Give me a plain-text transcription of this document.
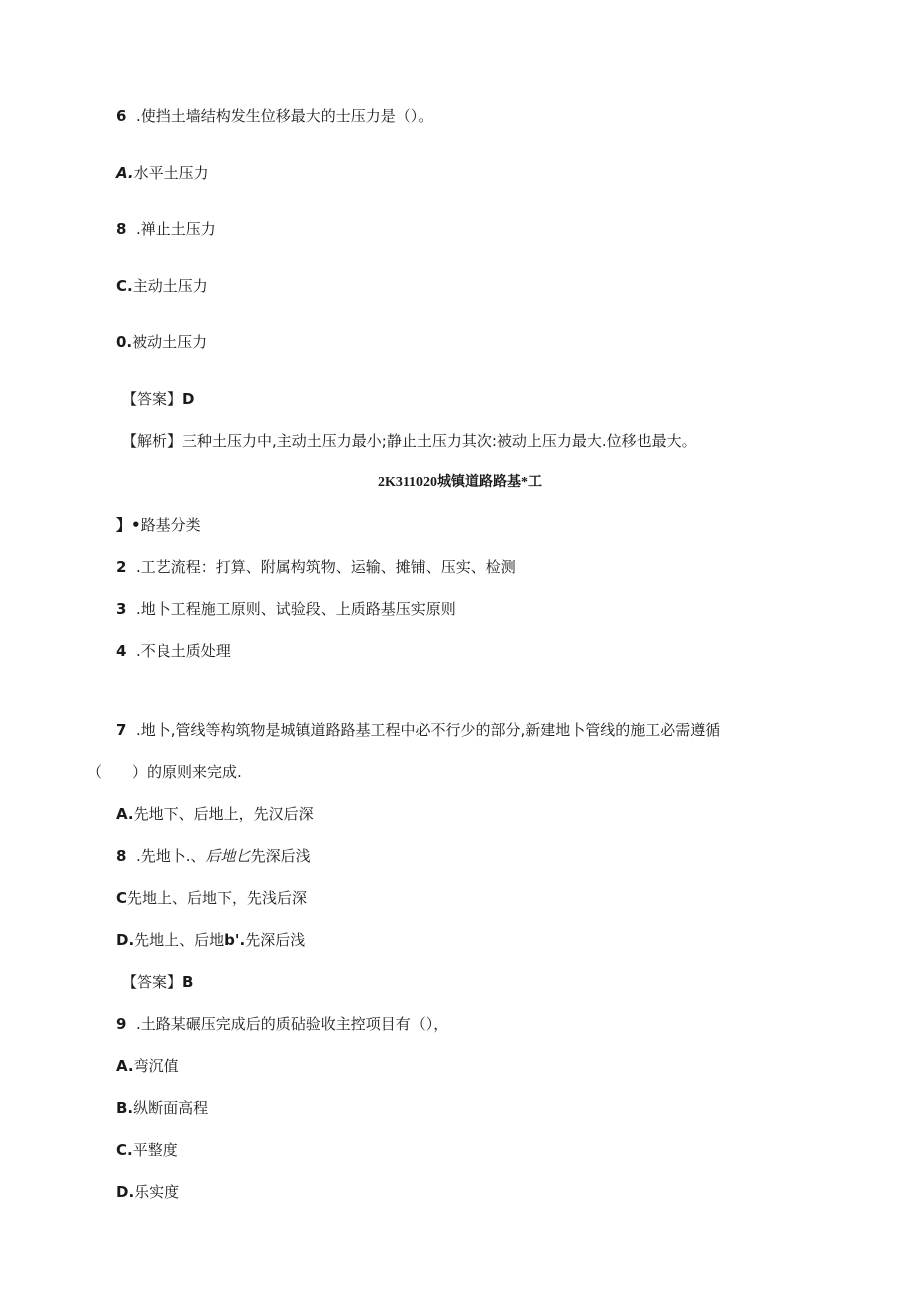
6 .使挡土墙结构发生位移最大的士压力是（）。
A.水平土压力
8 .禅止土压力
C.主动土压力
0.被动土压力
【答案】D
【解析】三种土压力中,主动土压力最小;静止土压力其次:被动上压力最大.位移也最大。
2K311020城镇道路路基*工
】•路基分类
2 .工艺流程：打算、附属构筑物、运输、摊铺、压实、检测
3 .地卜工程施工原则、试验段、上质路基压实原则
4 .不良土质处理
7 .地卜,管线等构筑物是城镇道路路基工程中必不行少的部分,新建地卜管线的施工必需遵循
（　　）的原则来完成.
A.先地下、后地上，先汉后深
8 .先地卜.、后地匕先深后浅
C先地上、后地下，先浅后深
D.先地上、后地b'.先深后浅
【答案】B
9 .土路某碾压完成后的质砧验收主控项目有（），
A.弯沉值
B.纵断面高程
C.平整度
D.乐实度
